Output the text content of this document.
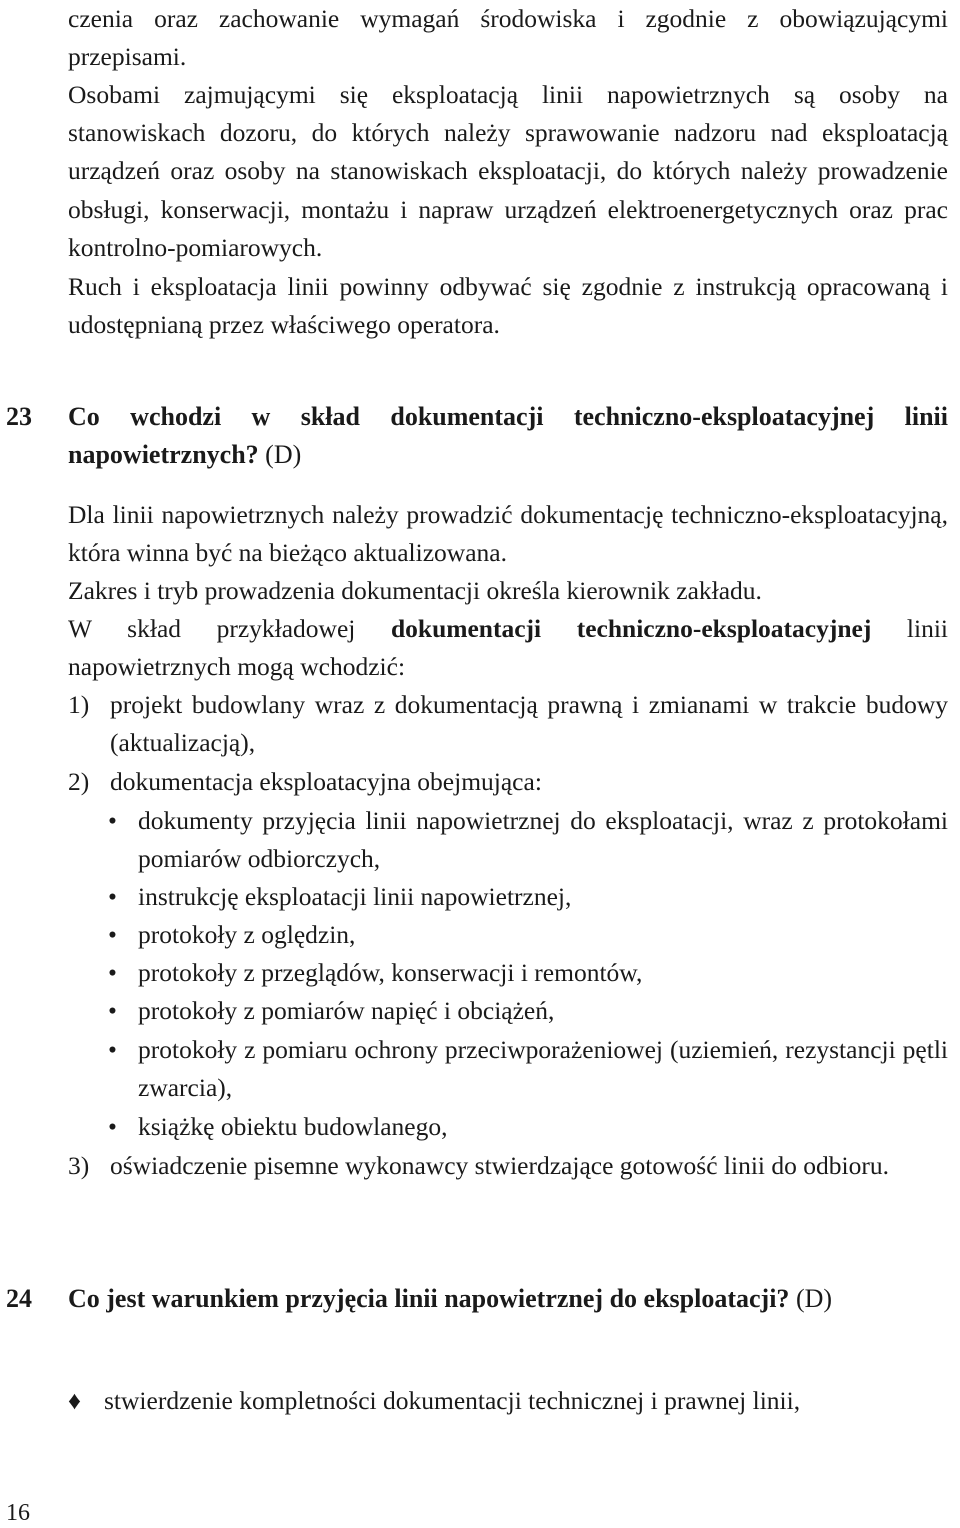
czenia oraz zachowanie wymagań środowiska i zgodnie z obowiązującymi przepisami.

Osobami zajmującymi się eksploatacją linii napowietrznych są osoby na stanowiskach dozoru, do których należy sprawowanie nadzoru nad eksploatacją urządzeń oraz osoby na stanowiskach eksploatacji, do których należy prowadzenie obsługi, konserwacji, montażu i napraw urządzeń elektroenergetycznych oraz prac kontrolno-pomiarowych.

Ruch i eksploatacja linii powinny odbywać się zgodnie z instrukcją opracowaną i udostępnianą przez właściwego operatora.

23 Co wchodzi w skład dokumentacji techniczno-eksploatacyjnej linii napowietrznych? (D)

Dla linii napowietrznych należy prowadzić dokumentację techniczno-eksploatacyjną, która winna być na bieżąco aktualizowana.

Zakres i tryb prowadzenia dokumentacji określa kierownik zakładu.

W skład przykładowej dokumentacji techniczno-eksploatacyjnej linii napowietrznych mogą wchodzić:

1) projekt budowlany wraz z dokumentacją prawną i zmianami w trakcie budowy (aktualizacją),
2) dokumentacja eksploatacyjna obejmująca:
• dokumenty przyjęcia linii napowietrznej do eksploatacji, wraz z protokołami pomiarów odbiorczych,
• instrukcję eksploatacji linii napowietrznej,
• protokoły z oględzin,
• protokoły z przeglądów, konserwacji i remontów,
• protokoły z pomiarów napięć i obciążeń,
• protokoły z pomiaru ochrony przeciwporażeniowej (uziemień, rezystancji pętli zwarcia),
• książkę obiektu budowlanego,
3) oświadczenie pisemne wykonawcy stwierdzające gotowość linii do odbioru.
24 Co jest warunkiem przyjęcia linii napowietrznej do eksploatacji? (D)

♦ stwierdzenie kompletności dokumentacji technicznej i prawnej linii,
16
